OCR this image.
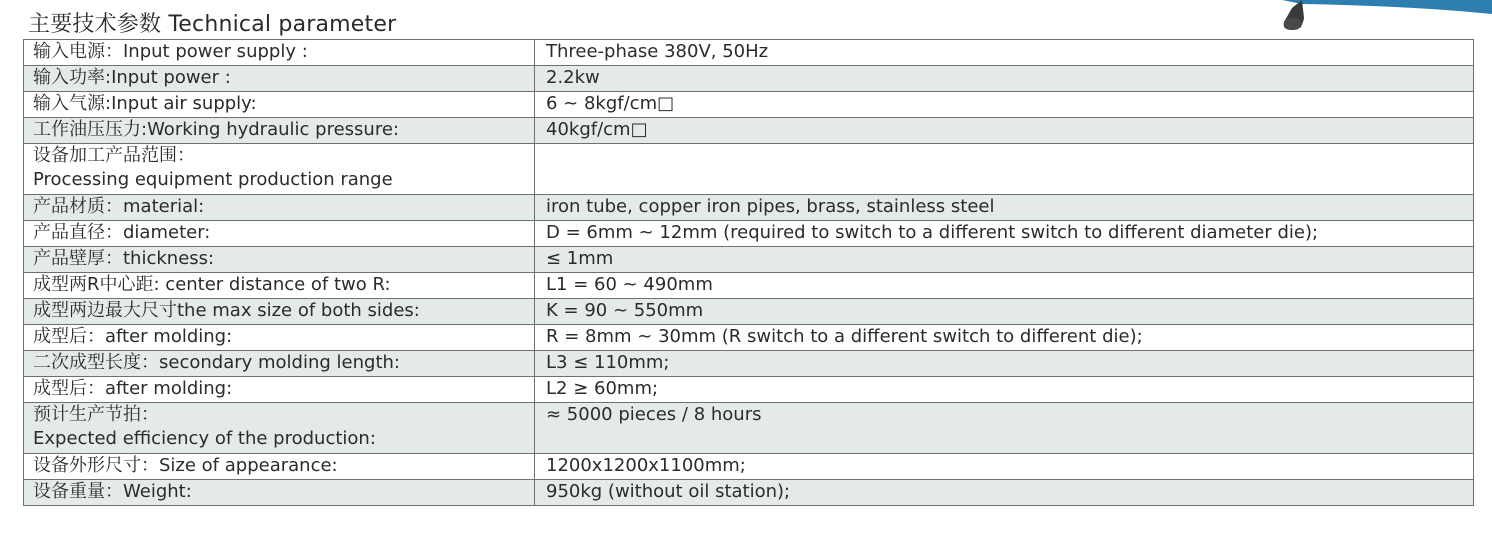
主要技术参数 Technical parameter
输入电源：Input power supply :	Three-phase 380V, 50Hz
输入功率:Input power :	2.2kw
输入气源:Input air supply:	6 ~ 8kgf/cm□
工作油压压力:Working hydraulic pressure:	40kgf/cm□

设备加工产品范围：
Processing equipment production range	

产品材质：material:	iron tube, copper iron pipes, brass, stainless steel
产品直径：diameter:	D = 6mm ~ 12mm (required to switch to a different switch to different diameter die);
产品壁厚：thickness:	≤ 1mm
成型两R中心距: center distance of two R:	L1 = 60 ~ 490mm
成型两边最大尺寸the max size of both sides:	K = 90 ~ 550mm
成型后：after molding:	R = 8mm ~ 30mm (R switch to a different switch to different die);
二次成型长度：secondary molding length:	L3 ≤ 110mm;
成型后：after molding:	L2 ≥ 60mm;

预计生产节拍：
Expected efficiency of the production:	≈ 5000 pieces / 8 hours
设备外形尺寸：Size of appearance:	1200x1200x1100mm;
设备重量：Weight:	950kg (without oil station);
